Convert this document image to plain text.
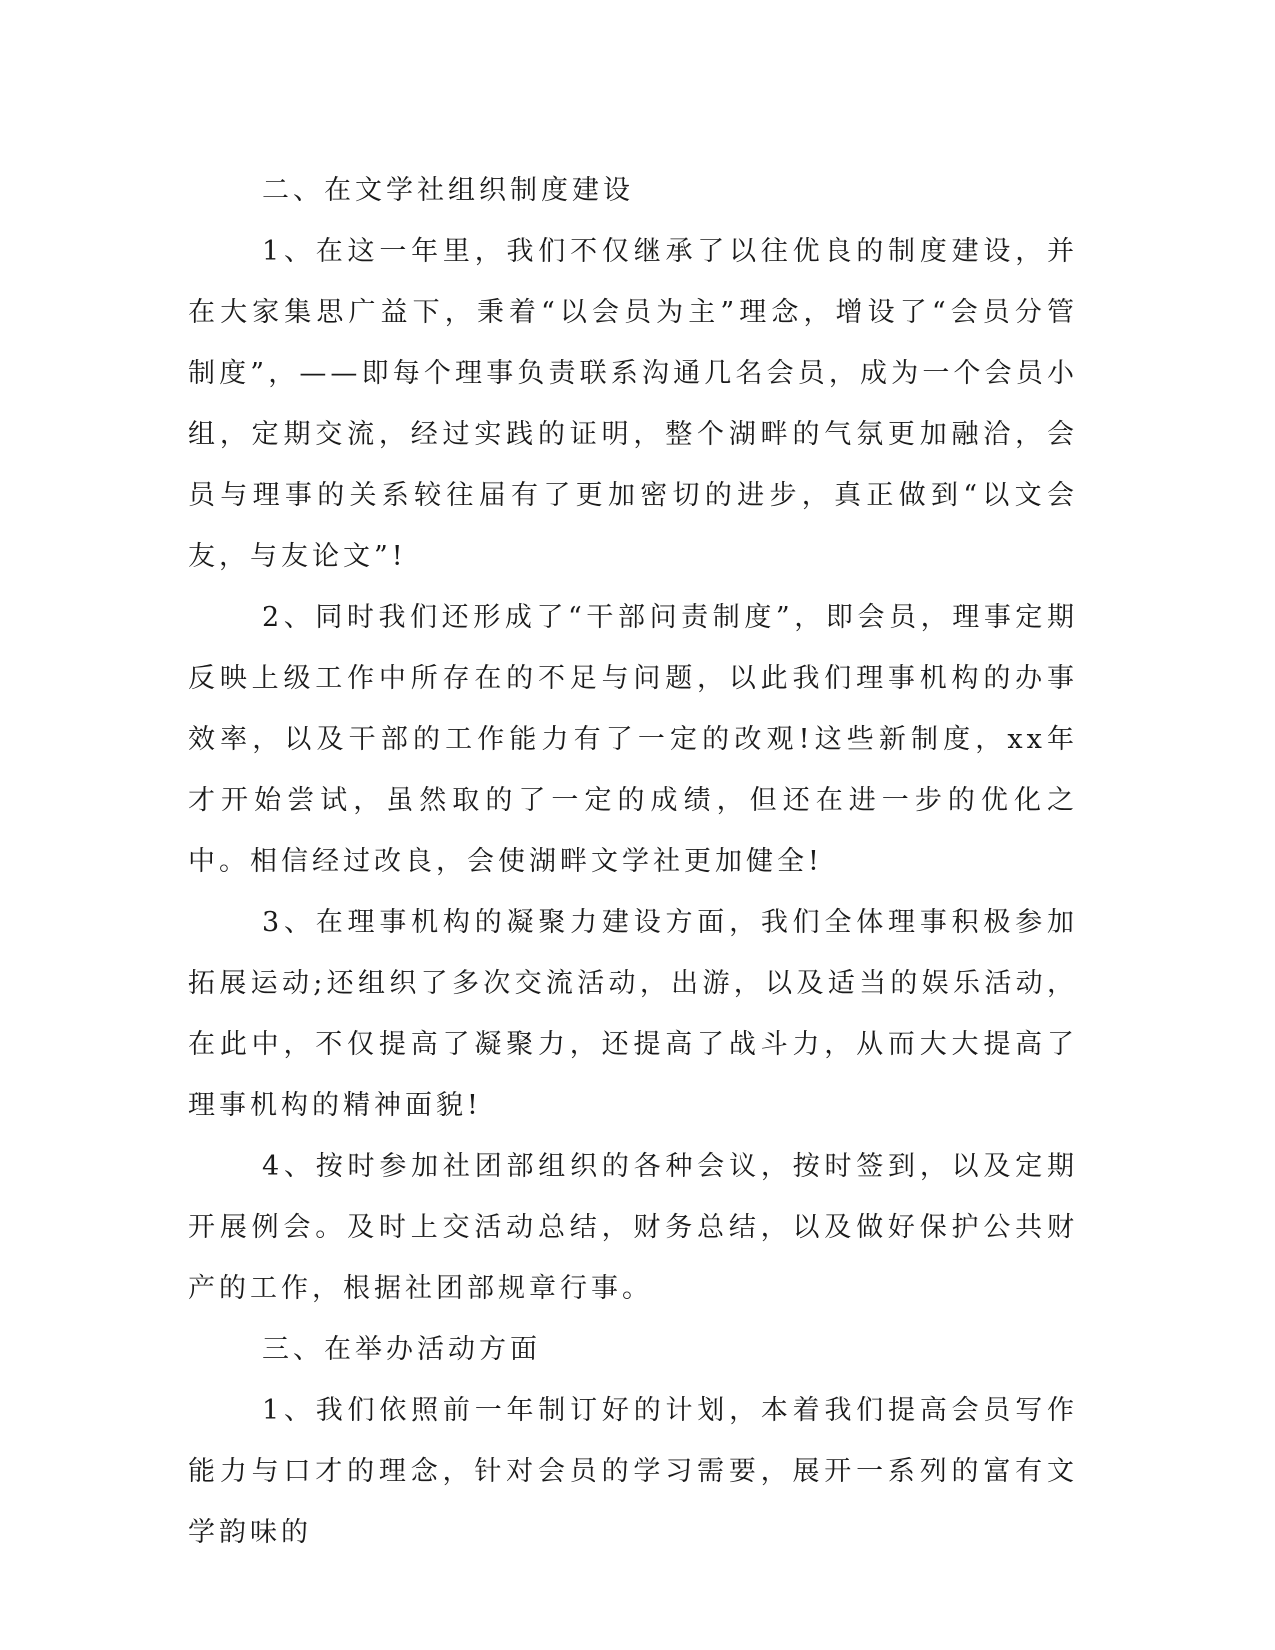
二、在文学社组织制度建设

1、在这一年里，我们不仅继承了以往优良的制度建设，并在大家集思广益下，秉着“以会员为主”理念，增设了“会员分管制度”，——即每个理事负责联系沟通几名会员，成为一个会员小组，定期交流，经过实践的证明，整个湖畔的气氛更加融洽，会员与理事的关系较往届有了更加密切的进步，真正做到“以文会友，与友论文”!

2、同时我们还形成了“干部问责制度”，即会员，理事定期反映上级工作中所存在的不足与问题，以此我们理事机构的办事效率，以及干部的工作能力有了一定的改观!这些新制度，xx年才开始尝试，虽然取的了一定的成绩，但还在进一步的优化之中。相信经过改良，会使湖畔文学社更加健全!

3、在理事机构的凝聚力建设方面，我们全体理事积极参加拓展运动;还组织了多次交流活动，出游，以及适当的娱乐活动，在此中，不仅提高了凝聚力，还提高了战斗力，从而大大提高了理事机构的精神面貌!

4、按时参加社团部组织的各种会议，按时签到，以及定期开展例会。及时上交活动总结，财务总结，以及做好保护公共财产的工作，根据社团部规章行事。

三、在举办活动方面

1、我们依照前一年制订好的计划，本着我们提高会员写作能力与口才的理念，针对会员的学习需要，展开一系列的富有文学韵味的
